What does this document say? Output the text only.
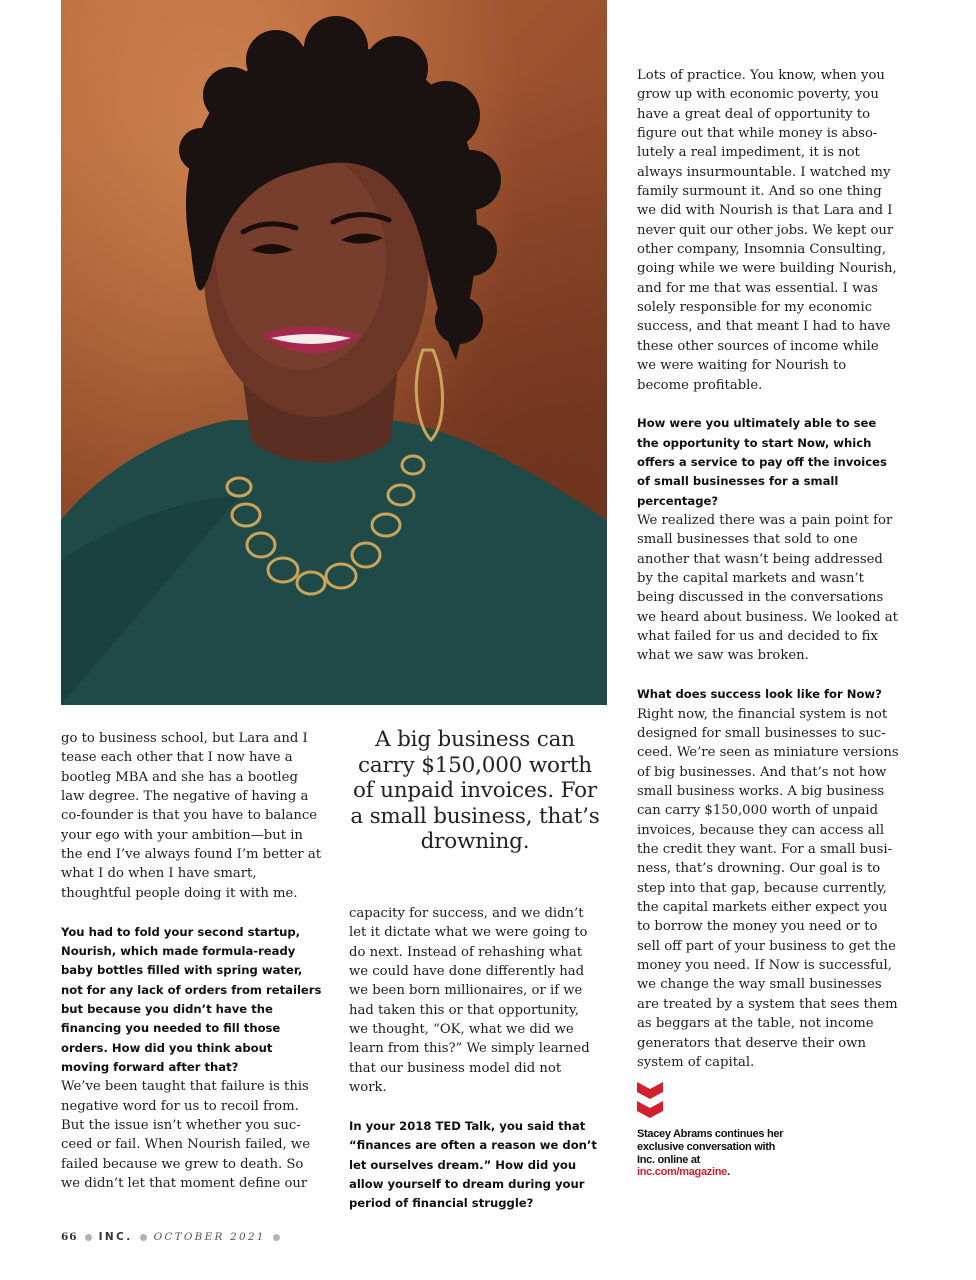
go to business school, but Lara and I tease each other that I now have a bootleg MBA and she has a bootleg law degree. The negative of having a co-founder is that you have to balance your ego with your ambition—but in the end I’ve always found I’m better at what I do when I have smart, thoughtful people doing it with me.

You had to fold your second startup, Nourish, which made formula-ready baby bottles filled with spring water, not for any lack of orders from retailers but because you didn’t have the financing you needed to fill those orders. How did you think about moving forward after that?

We’ve been taught that failure is this
negative word for us to recoil from.
But the issue isn’t whether you suc-
ceed or fail. When Nourish failed, we
failed because we grew to death. So
we didn’t let that moment define our

A big business can carry $150,000 worth of unpaid invoices. For a small business, that’s drowning.

capacity for success, and we didn’t let it dictate what we were going to do next. Instead of rehashing what we could have done differently had we been born millionaires, or if we had taken this or that opportunity, we thought, “OK, what we did we learn from this?” We simply learned that our business model did not work.

In your 2018 TED Talk, you said that “finances are often a reason we don’t let ourselves dream.” How did you allow yourself to dream during your period of financial struggle?

Lots of practice. You know, when you
grow up with economic poverty, you
have a great deal of opportunity to
figure out that while money is abso-
lutely a real impediment, it is not
always insurmountable. I watched my family surmount it. And so one thing we did with Nourish is that Lara and I never quit our other jobs. We kept our other company, Insomnia Consulting, going while we were building Nourish, and for me that was essential. I was solely responsible for my economic success, and that meant I had to have these other sources of income while we were waiting for Nourish to become profitable.

How were you ultimately able to see the opportunity to start Now, which offers a service to pay off the invoices of small businesses for a small percentage?

We realized there was a pain point for small businesses that sold to one another that wasn’t being addressed by the capital markets and wasn’t being discussed in the conversations we heard about business. We looked at what failed for us and decided to fix what we saw was broken.

What does success look like for Now?

Right now, the financial system is not
designed for small businesses to suc-
ceed. We’re seen as miniature versions
of big businesses. And that’s not how
small business works. A big business
can carry $150,000 worth of unpaid
invoices, because they can access all
the credit they want. For a small busi-
ness, that’s drowning. Our goal is to
step into that gap, because currently, the capital markets either expect you to borrow the money you need or to sell off part of your business to get the money you need. If Now is successful, we change the way small businesses are treated by a system that sees them as beggars at the table, not income generators that deserve their own system of capital.

Stacey Abrams continues her exclusive conversation with Inc. online at inc.com/magazine.
66 INC. OCTOBER 2021
